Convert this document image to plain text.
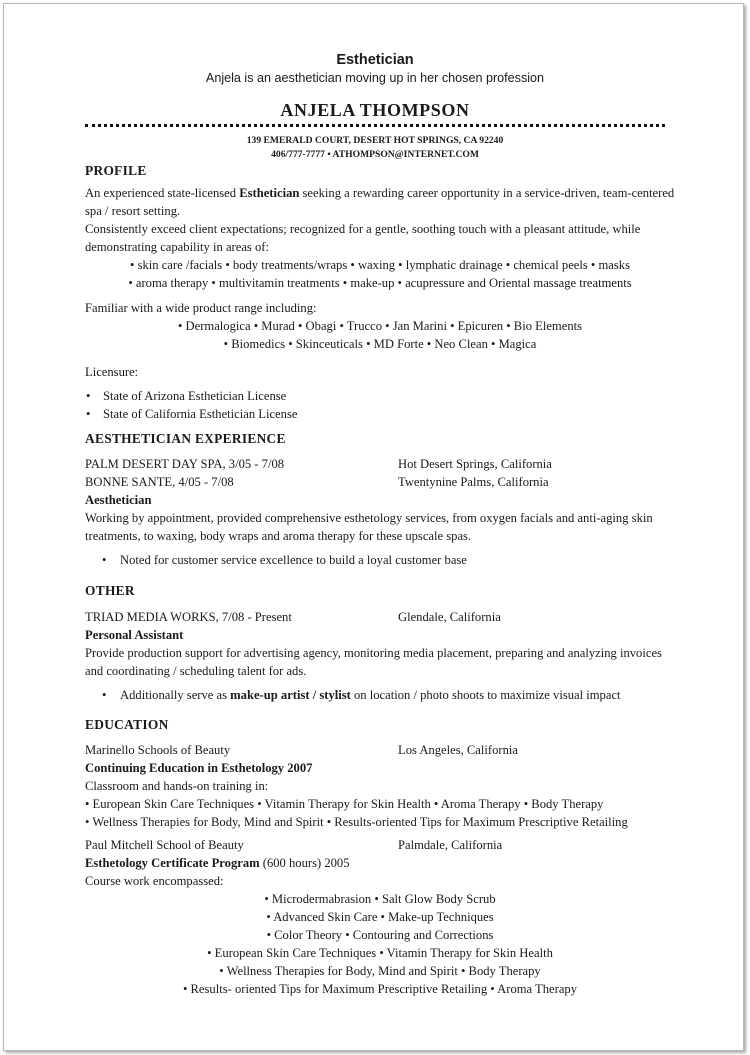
Esthetician
Anjela is an aesthetician moving up in her chosen profession
ANJELA THOMPSON
139 EMERALD COURT, DESERT HOT SPRINGS, CA 92240
406/777-7777 • ATHOMPSON@INTERNET.COM
PROFILE
An experienced state-licensed Esthetician seeking a rewarding career opportunity in a service-driven, team-centered spa / resort setting.
Consistently exceed client expectations; recognized for a gentle, soothing touch with a pleasant attitude, while demonstrating capability in areas of:
• skin care /facials • body treatments/wraps • waxing • lymphatic drainage • chemical peels • masks
• aroma therapy • multivitamin treatments • make-up • acupressure and Oriental massage treatments
Familiar with a wide product range including:
• Dermalogica • Murad • Obagi • Trucco • Jan Marini • Epicuren • Bio Elements
• Biomedics • Skinceuticals • MD Forte • Neo Clean • Magica
Licensure:
• State of Arizona Esthetician License
• State of California Esthetician License
AESTHETICIAN EXPERIENCE
PALM DESERT DAY SPA, 3/05 - 7/08	Hot Desert Springs, California
BONNE SANTE, 4/05 - 7/08	Twentynine Palms, California
Aesthetician
Working by appointment, provided comprehensive esthetology services, from oxygen facials and anti-aging skin treatments, to waxing, body wraps and aroma therapy for these upscale spas.
• Noted for customer service excellence to build a loyal customer base
OTHER
TRIAD MEDIA WORKS, 7/08 - Present	Glendale, California
Personal Assistant
Provide production support for advertising agency, monitoring media placement, preparing and analyzing invoices and coordinating / scheduling talent for ads.
• Additionally serve as make-up artist / stylist on location / photo shoots to maximize visual impact
EDUCATION
Marinello Schools of Beauty	Los Angeles, California
Continuing Education in Esthetology 2007
Classroom and hands-on training in:
• European Skin Care Techniques • Vitamin Therapy for Skin Health • Aroma Therapy • Body Therapy
• Wellness Therapies for Body, Mind and Spirit • Results-oriented Tips for Maximum Prescriptive Retailing
Paul Mitchell School of Beauty	Palmdale, California
Esthetology Certificate Program (600 hours) 2005
Course work encompassed:
• Microdermabrasion • Salt Glow Body Scrub
• Advanced Skin Care • Make-up Techniques
• Color Theory • Contouring and Corrections
• European Skin Care Techniques • Vitamin Therapy for Skin Health
• Wellness Therapies for Body, Mind and Spirit • Body Therapy
• Results- oriented Tips for Maximum Prescriptive Retailing • Aroma Therapy
